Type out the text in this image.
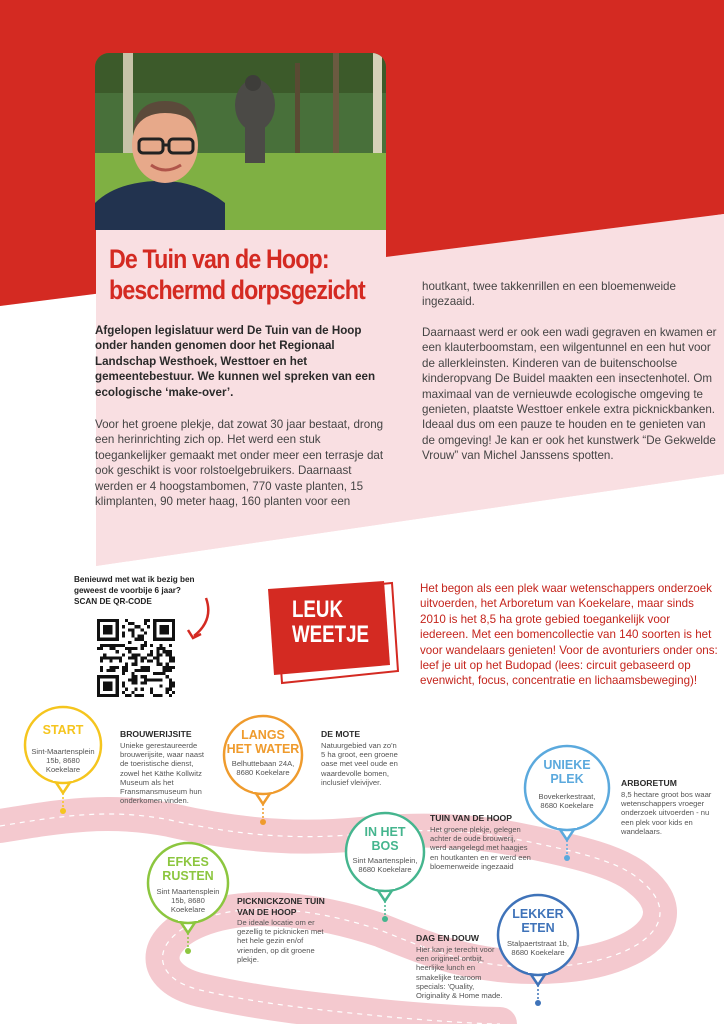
De Tuin van de Hoop:
beschermd dorpsgezicht
Afgelopen legislatuur werd De Tuin van de Hoop onder handen genomen door het Regionaal Landschap Westhoek, Westtoer en het gemeentebestuur. We kunnen wel spreken van een ecologische ‘make-over’.
Voor het groene plekje, dat zowat 30 jaar bestaat, drong een herinrichting zich op. Het werd een stuk toegankelijker gemaakt met onder meer een terrasje dat ook geschikt is voor rolstoelgebruikers. Daarnaast werden er 4 hoogstambomen, 770 vaste planten, 15 klimplanten, 90 meter haag, 160 planten voor een
houtkant, twee takkenrillen en een bloemenweide ingezaaid.
Daarnaast werd er ook een wadi gegraven en kwamen er een klauterboomstam, een wilgentunnel en een hut voor de allerkleinsten. Kinderen van de buitenschoolse kinderopvang De Buidel maakten een insectenhotel. Om maximaal van de vernieuwde ecologische omgeving te genieten, plaatste Westtoer enkele extra picknickbanken. Ideaal dus om een pauze te houden en te genieten van de omgeving! Je kan er ook het kunstwerk “De Gekwelde Vrouw” van Michel Janssens spotten.
Benieuwd met wat ik bezig ben
geweest de voorbije 6 jaar?
SCAN DE QR-CODE	LEUK
WEETJE
Het begon als een plek waar wetenschappers onderzoek uitvoerden, het Arboretum van Koekelare, maar sinds 2010 is het 8,5 ha grote gebied toegankelijk voor iedereen. Met een bomencollectie van 140 soorten is het voor wandelaars genieten! Voor de avonturiers onder ons: leef je uit op het Budopad (lees: circuit gebaseerd op evenwicht, focus, concentratie en lichaamsbeweging)!
START
Sint-Maartensplein 15b, 8680 Koekelare
LANGS
HET WATER
Belhuttebaan 24A, 8680 Koekelare
EFKES
RUSTEN
Sint Maartensplein 15b, 8680 Koekelare
IN HET
BOS
Sint Maartensplein, 8680 Koekelare
UNIEKE
PLEK
Bovekerkestraat, 8680 Koekelare
LEKKER
ETEN
Stalpaertstraat 1b, 8680 Koekelare
BROUWERIJSITE
Unieke gerestaureerde brouwerijsite, waar naast de toeristische dienst, zowel het Käthe Kollwitz Museum als het Fransmansmuseum hun onderkomen vinden.
DE MOTE
Natuurgebied van zo'n 5 ha groot, een groene oase met veel oude en waardevolle bomen, inclusief vleivijver.
PICKNICKZONE TUIN VAN DE HOOP
De ideale locatie om er gezellig te picknicken met het hele gezin en/of vrienden, op dit groene plekje.
TUIN VAN DE HOOP
Het groene plekje, gelegen achter de oude brouwerij, werd aangelegd met haagjes en houtkanten en er werd een bloemenweide ingezaaid
ARBORETUM
8,5 hectare groot bos waar wetenschappers vroeger onderzoek uitvoerden - nu een plek voor kids en wandelaars.
DAG EN DOUW
Hier kan je terecht voor een origineel ontbijt, heerlijke lunch en smakelijke tearoom specials: 'Quality, Originality & Home made.
